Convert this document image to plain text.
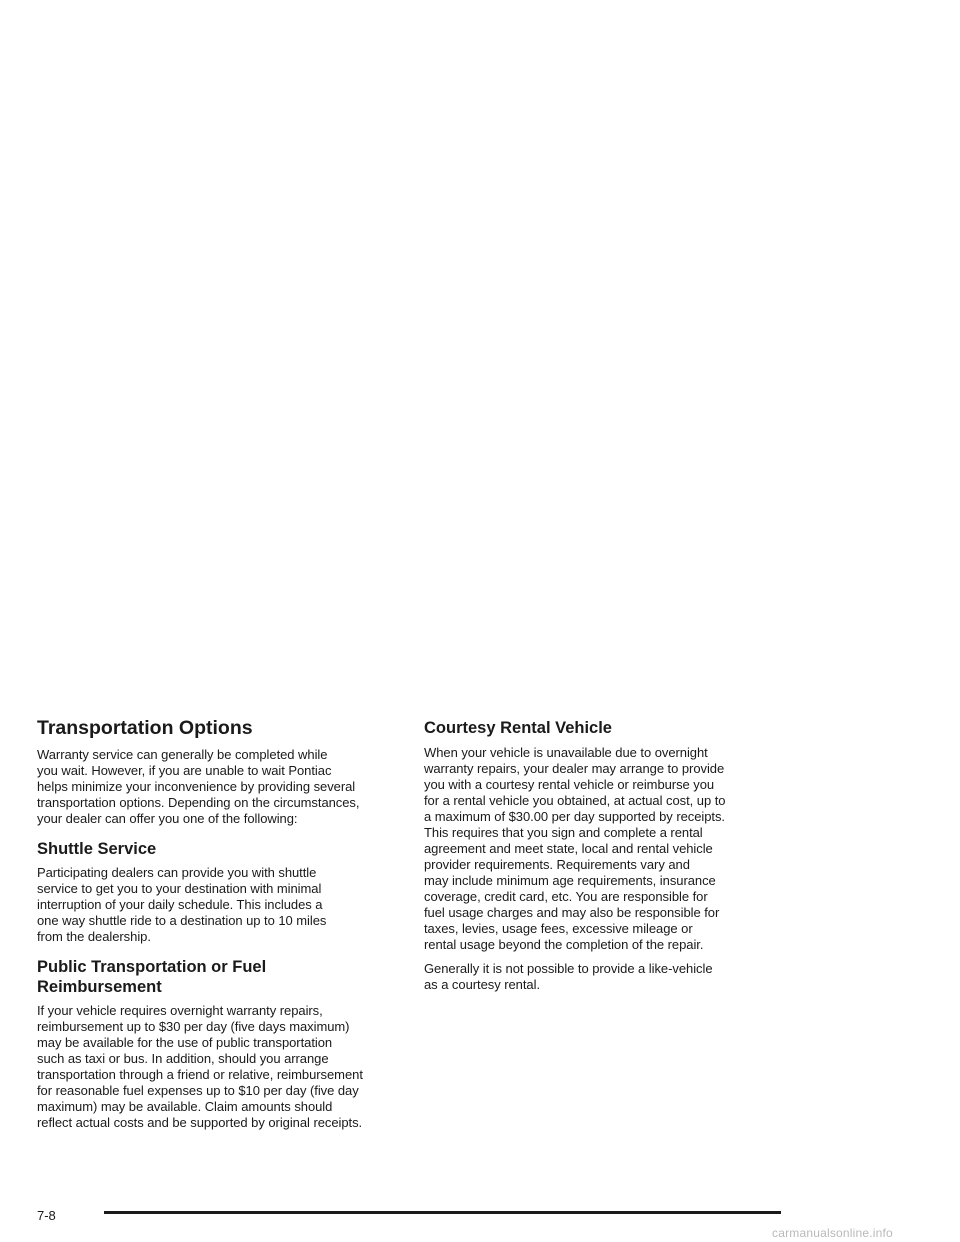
Transportation Options

Warranty service can generally be completed while
you wait. However, if you are unable to wait Pontiac
helps minimize your inconvenience by providing several
transportation options. Depending on the circumstances,
your dealer can offer you one of the following:

Shuttle Service

Participating dealers can provide you with shuttle
service to get you to your destination with minimal
interruption of your daily schedule. This includes a
one way shuttle ride to a destination up to 10 miles
from the dealership.

Public Transportation or Fuel
Reimbursement

If your vehicle requires overnight warranty repairs,
reimbursement up to $30 per day (five days maximum)
may be available for the use of public transportation
such as taxi or bus. In addition, should you arrange
transportation through a friend or relative, reimbursement
for reasonable fuel expenses up to $10 per day (five day
maximum) may be available. Claim amounts should
reflect actual costs and be supported by original receipts.

Courtesy Rental Vehicle

When your vehicle is unavailable due to overnight
warranty repairs, your dealer may arrange to provide
you with a courtesy rental vehicle or reimburse you
for a rental vehicle you obtained, at actual cost, up to
a maximum of $30.00 per day supported by receipts.
This requires that you sign and complete a rental
agreement and meet state, local and rental vehicle
provider requirements. Requirements vary and
may include minimum age requirements, insurance
coverage, credit card, etc. You are responsible for
fuel usage charges and may also be responsible for
taxes, levies, usage fees, excessive mileage or
rental usage beyond the completion of the repair.

Generally it is not possible to provide a like-vehicle
as a courtesy rental.

7-8
carmanualsonline.info
